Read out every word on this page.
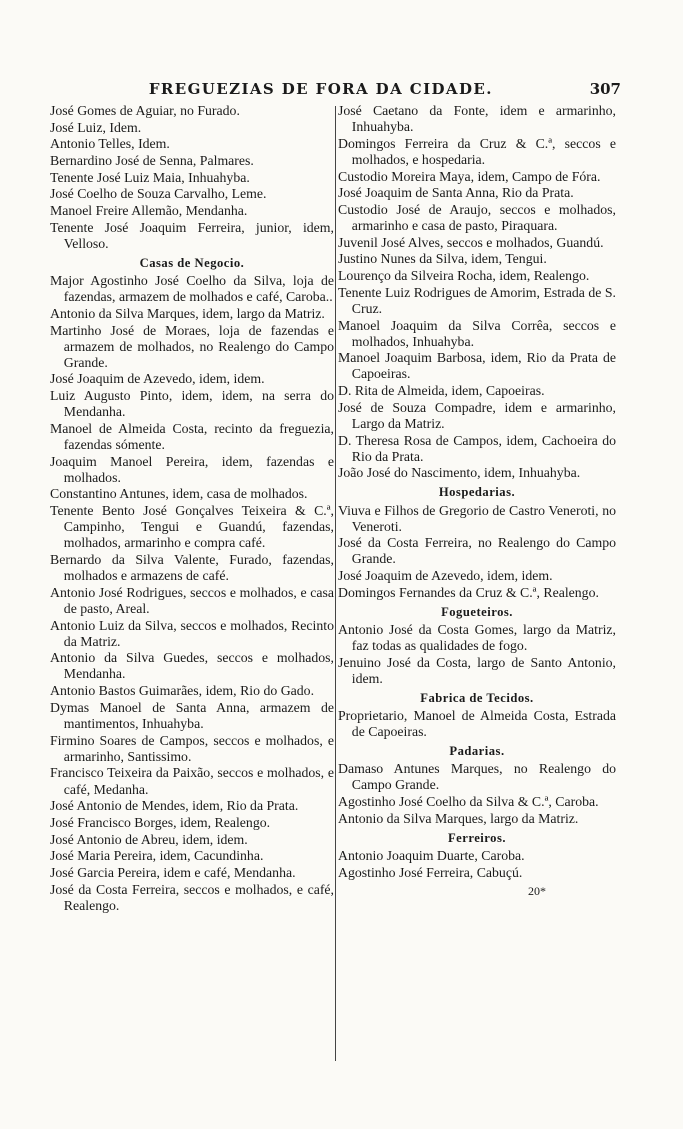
FREGUEZIAS DE FORA DA CIDADE.	307
José Gomes de Aguiar, no Furado.
José Luiz, Idem.
Antonio Telles, Idem.
Bernardino José de Senna, Palmares.
Tenente José Luiz Maia, Inhuahyba.
José Coelho de Souza Carvalho, Leme.
Manoel Freire Allemão, Mendanha.
Tenente José Joaquim Ferreira, junior, idem, Velloso.
Casas de Negocio.
Major Agostinho José Coelho da Silva, loja de fazendas, armazem de molhados e café, Caroba..
Antonio da Silva Marques, idem, largo da Matriz.
Martinho José de Moraes, loja de fazendas e armazem de molhados, no Realengo do Campo Grande.
José Joaquim de Azevedo, idem, idem.
Luiz Augusto Pinto, idem, idem, na serra do Mendanha.
Manoel de Almeida Costa, recinto da freguezia, fazendas sómente.
Joaquim Manoel Pereira, idem, fazendas e molhados.
Constantino Antunes, idem, casa de molhados.
Tenente Bento José Gonçalves Teixeira & C.ª, Campinho, Tengui e Guandú, fazendas, molhados, armarinho e compra café.
Bernardo da Silva Valente, Furado, fazendas, molhados e armazens de café.
Antonio José Rodrigues, seccos e molhados, e casa de pasto, Areal.
Antonio Luiz da Silva, seccos e molhados, Recinto da Matriz.
Antonio da Silva Guedes, seccos e molhados, Mendanha.
Antonio Bastos Guimarães, idem, Rio do Gado.
Dymas Manoel de Santa Anna, armazem de mantimentos, Inhuahyba.
Firmino Soares de Campos, seccos e molhados, e armarinho, Santissimo.
Francisco Teixeira da Paixão, seccos e molhados, e café, Medanha.
José Antonio de Mendes, idem, Rio da Prata.
José Francisco Borges, idem, Realengo.
José Antonio de Abreu, idem, idem.
José Maria Pereira, idem, Cacundinha.
José Garcia Pereira, idem e café, Mendanha.
José da Costa Ferreira, seccos e molhados, e café, Realengo.
José Caetano da Fonte, idem e armarinho, Inhuahyba.
Domingos Ferreira da Cruz & C.ª, seccos e molhados, e hospedaria.
Custodio Moreira Maya, idem, Campo de Fóra.
José Joaquim de Santa Anna, Rio da Prata.
Custodio José de Araujo, seccos e molhados, armarinho e casa de pasto, Piraquara.
Juvenil José Alves, seccos e molhados, Guandú.
Justino Nunes da Silva, idem, Tengui.
Lourenço da Silveira Rocha, idem, Realengo.
Tenente Luiz Rodrigues de Amorim, Estrada de S. Cruz.
Manoel Joaquim da Silva Corrêa, seccos e molhados, Inhuahyba.
Manoel Joaquim Barbosa, idem, Rio da Prata de Capoeiras.
D. Rita de Almeida, idem, Capoeiras.
José de Souza Compadre, idem e armarinho, Largo da Matriz.
D. Theresa Rosa de Campos, idem, Cachoeira do Rio da Prata.
João José do Nascimento, idem, Inhuahyba.
Hospedarias.
Viuva e Filhos de Gregorio de Castro Veneroti, no Veneroti.
José da Costa Ferreira, no Realengo do Campo Grande.
José Joaquim de Azevedo, idem, idem.
Domingos Fernandes da Cruz & C.ª, Realengo.
Fogueteiros.
Antonio José da Costa Gomes, largo da Matriz, faz todas as qualidades de fogo.
Jenuino José da Costa, largo de Santo Antonio, idem.
Fabrica de Tecidos.
Proprietario, Manoel de Almeida Costa, Estrada de Capoeiras.
Padarias.
Damaso Antunes Marques, no Realengo do Campo Grande.
Agostinho José Coelho da Silva & C.ª, Caroba.
Antonio da Silva Marques, largo da Matriz.
Ferreiros.
Antonio Joaquim Duarte, Caroba.
Agostinho José Ferreira, Cabuçú.
20*
